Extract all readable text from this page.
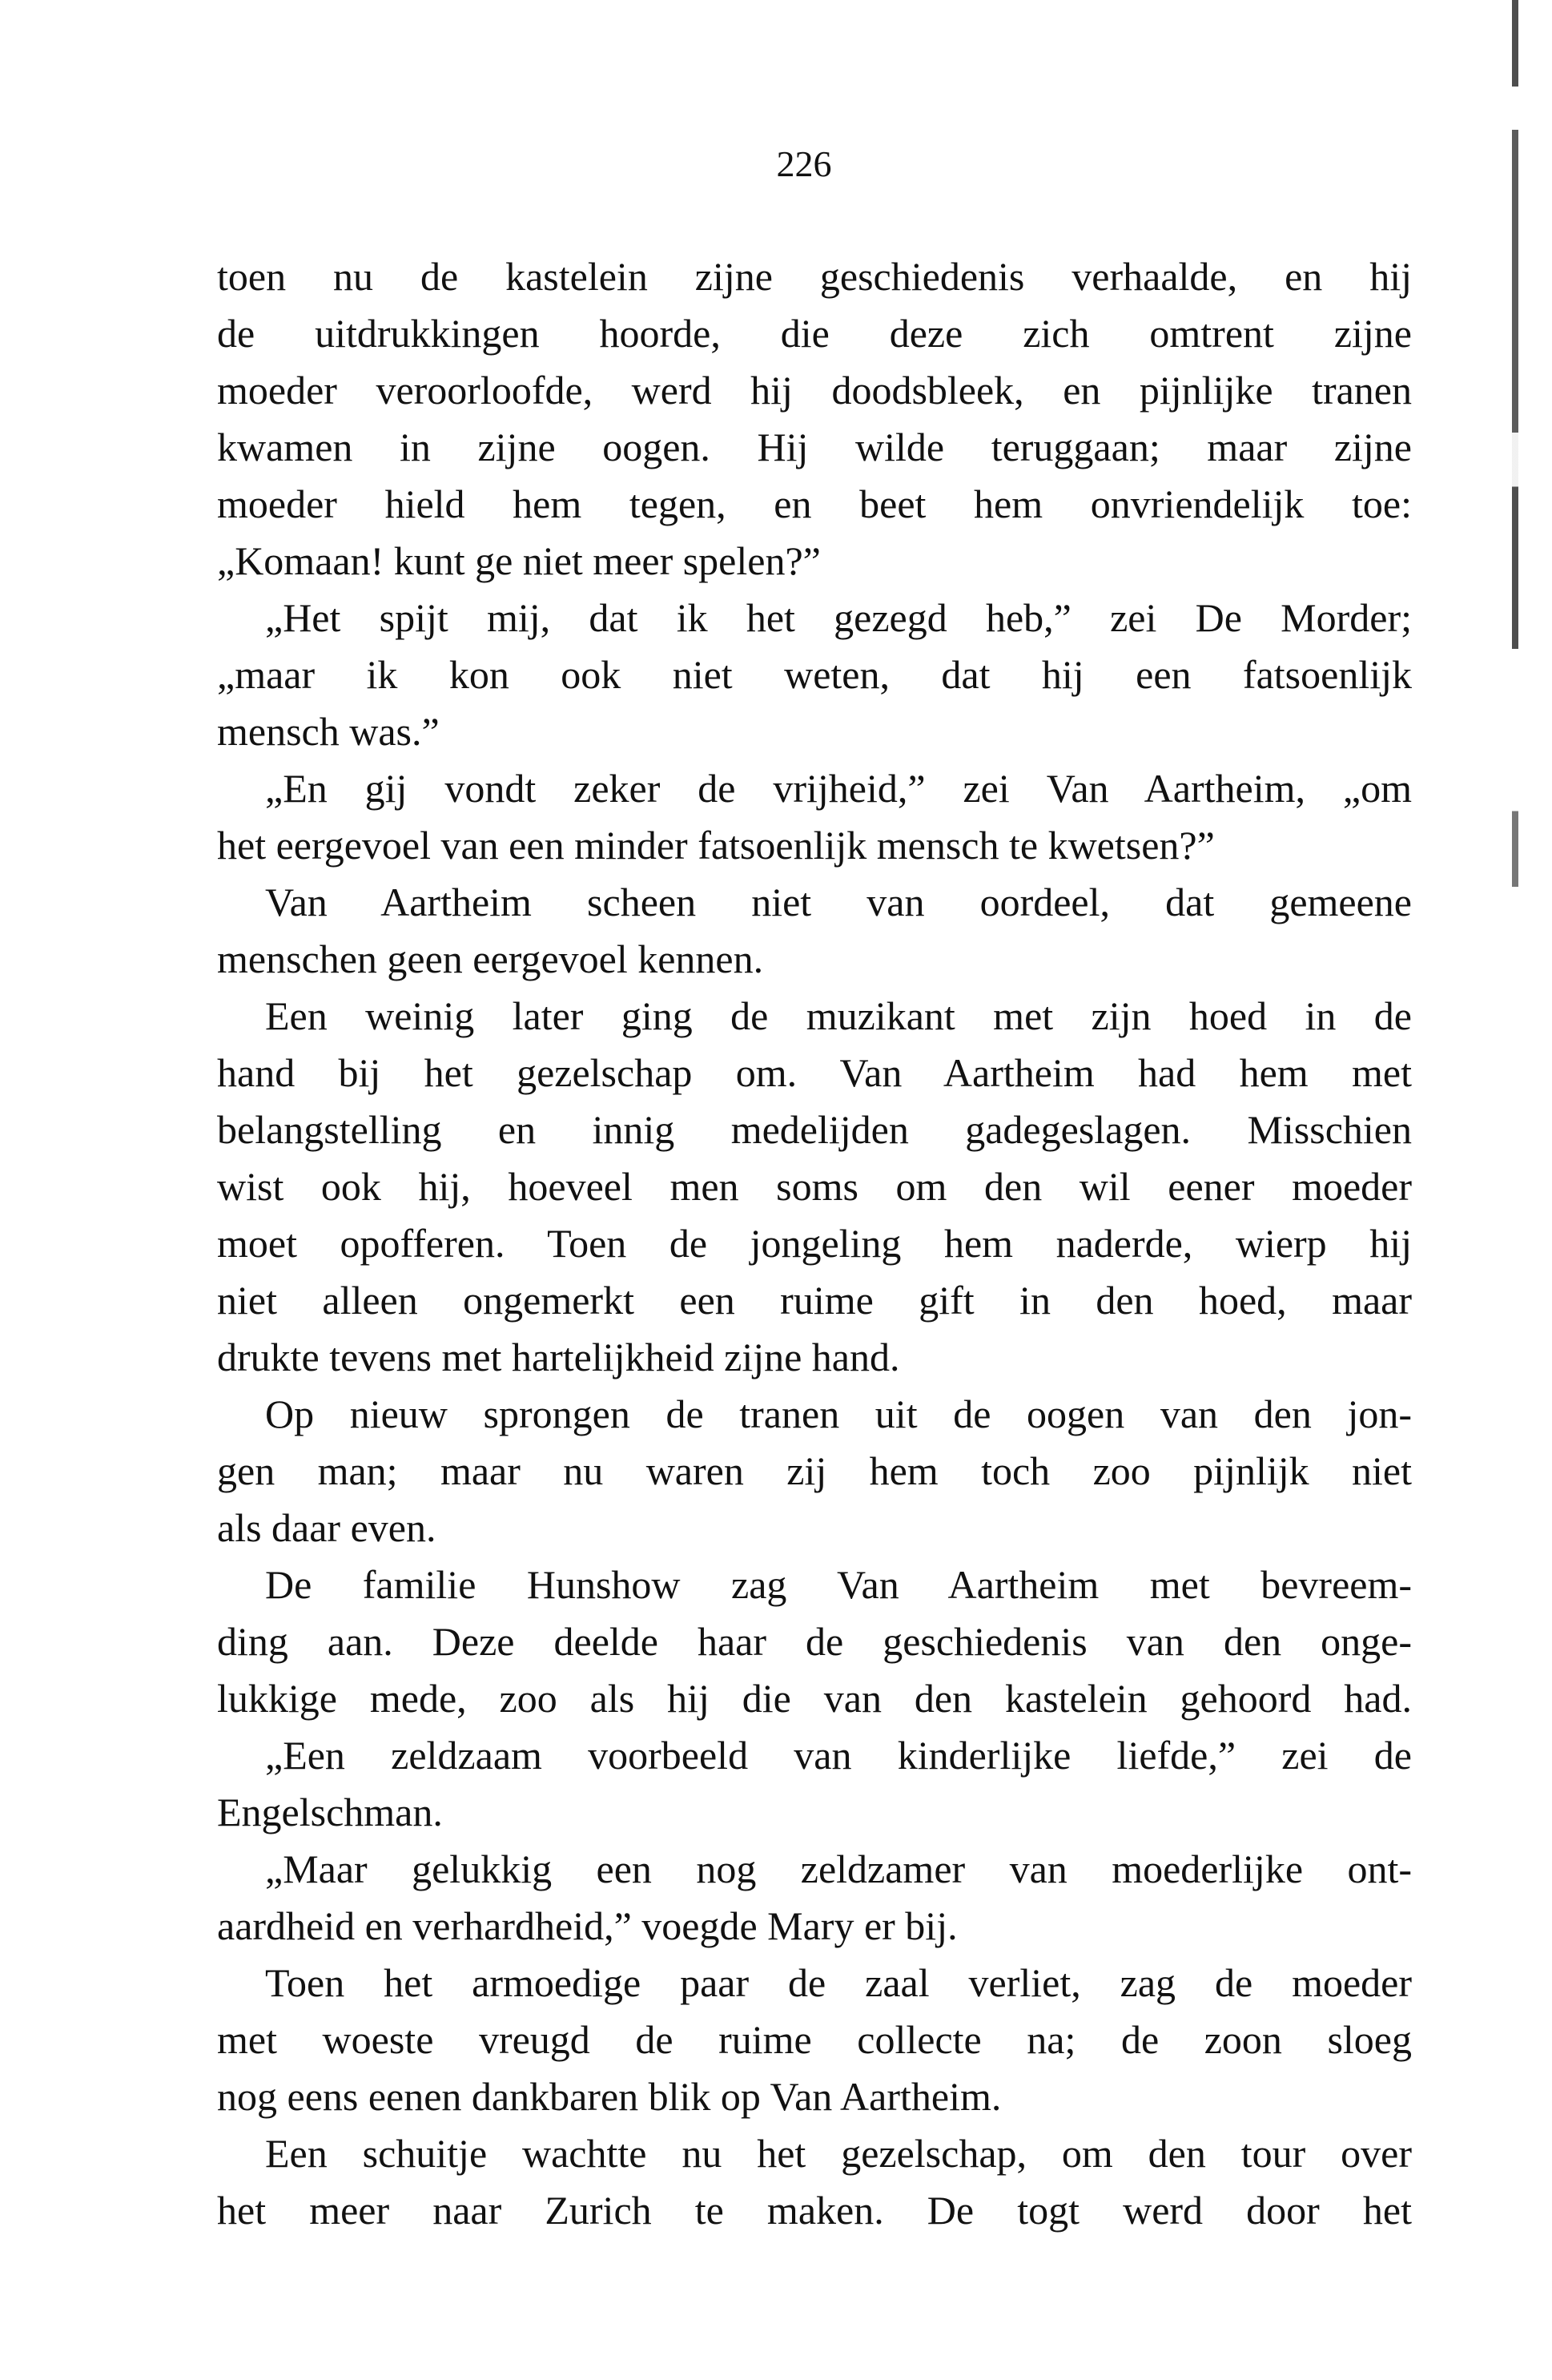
226
toen nu de kastelein zijne geschiedenis verhaalde, en hij
de uitdrukkingen hoorde, die deze zich omtrent zijne
moeder veroorloofde, werd hij doodsbleek, en pijnlijke tranen
kwamen in zijne oogen. Hij wilde teruggaan; maar zijne
moeder hield hem tegen, en beet hem onvriendelijk toe:
„Komaan! kunt ge niet meer spelen?”
„Het spijt mij, dat ik het gezegd heb,” zei De Morder;
„maar ik kon ook niet weten, dat hij een fatsoenlijk
mensch was.”
„En gij vondt zeker de vrijheid,” zei Van Aartheim, „om
het eergevoel van een minder fatsoenlijk mensch te kwetsen?”
Van Aartheim scheen niet van oordeel, dat gemeene
menschen geen eergevoel kennen.
Een weinig later ging de muzikant met zijn hoed in de
hand bij het gezelschap om. Van Aartheim had hem met
belangstelling en innig medelijden gadegeslagen. Misschien
wist ook hij, hoeveel men soms om den wil eener moeder
moet opofferen. Toen de jongeling hem naderde, wierp hij
niet alleen ongemerkt een ruime gift in den hoed, maar
drukte tevens met hartelijkheid zijne hand.
Op nieuw sprongen de tranen uit de oogen van den jon-
gen man; maar nu waren zij hem toch zoo pijnlijk niet
als daar even.
De familie Hunshow zag Van Aartheim met bevreem-
ding aan. Deze deelde haar de geschiedenis van den onge-
lukkige mede, zoo als hij die van den kastelein gehoord had.
„Een zeldzaam voorbeeld van kinderlijke liefde,” zei de
Engelschman.
„Maar gelukkig een nog zeldzamer van moederlijke ont-
aardheid en verhardheid,” voegde Mary er bij.
Toen het armoedige paar de zaal verliet, zag de moeder
met woeste vreugd de ruime collecte na; de zoon sloeg
nog eens eenen dankbaren blik op Van Aartheim.
Een schuitje wachtte nu het gezelschap, om den tour over
het meer naar Zurich te maken. De togt werd door het
